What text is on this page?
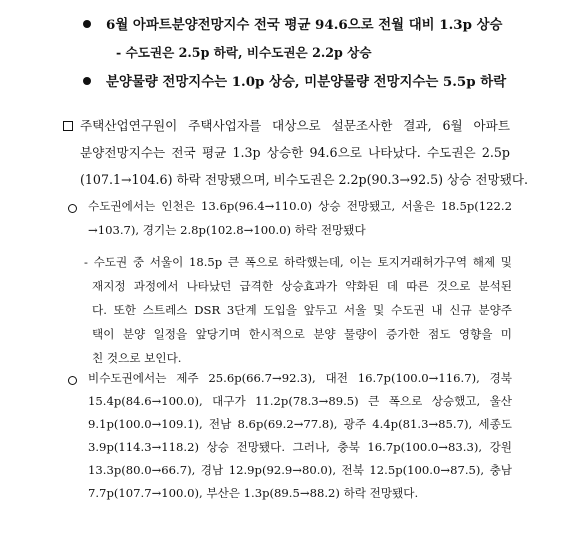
6월 아파트분양전망지수 전국 평균 94.6으로 전월 대비 1.3p 상승
- 수도권은 2.5p 하락, 비수도권은 2.2p 상승
분양물량 전망지수는 1.0p 상승, 미분양물량 전망지수는 5.5p 하락
주택산업연구원이 주택사업자를 대상으로 설문조사한 결과, 6월 아파트
분양전망지수는 전국 평균 1.3p 상승한 94.6으로 나타났다. 수도권은 2.5p
(107.1→104.6) 하락 전망됐으며, 비수도권은 2.2p(90.3→92.5) 상승 전망됐다.
수도권에서는 인천은 13.6p(96.4→110.0) 상승 전망됐고, 서울은 18.5p(122.2
→103.7), 경기는 2.8p(102.8→100.0) 하락 전망됐다
- 수도권 중 서울이 18.5p 큰 폭으로 하락했는데, 이는 토지거래허가구역 해제 및
재지정 과정에서 나타났던 급격한 상승효과가 약화된 데 따른 것으로 분석된
다. 또한 스트레스 DSR 3단계 도입을 앞두고 서울 및 수도권 내 신규 분양주
택이 분양 일정을 앞당기며 한시적으로 분양 물량이 증가한 점도 영향을 미
친 것으로 보인다.
비수도권에서는 제주 25.6p(66.7→92.3), 대전 16.7p(100.0→116.7), 경북
15.4p(84.6→100.0), 대구가 11.2p(78.3→89.5) 큰 폭으로 상승했고, 울산
9.1p(100.0→109.1), 전남 8.6p(69.2→77.8), 광주 4.4p(81.3→85.7), 세종도
3.9p(114.3→118.2) 상승 전망됐다. 그러나, 충북 16.7p(100.0→83.3), 강원
13.3p(80.0→66.7), 경남 12.9p(92.9→80.0), 전북 12.5p(100.0→87.5), 충남
7.7p(107.7→100.0), 부산은 1.3p(89.5→88.2) 하락 전망됐다.
